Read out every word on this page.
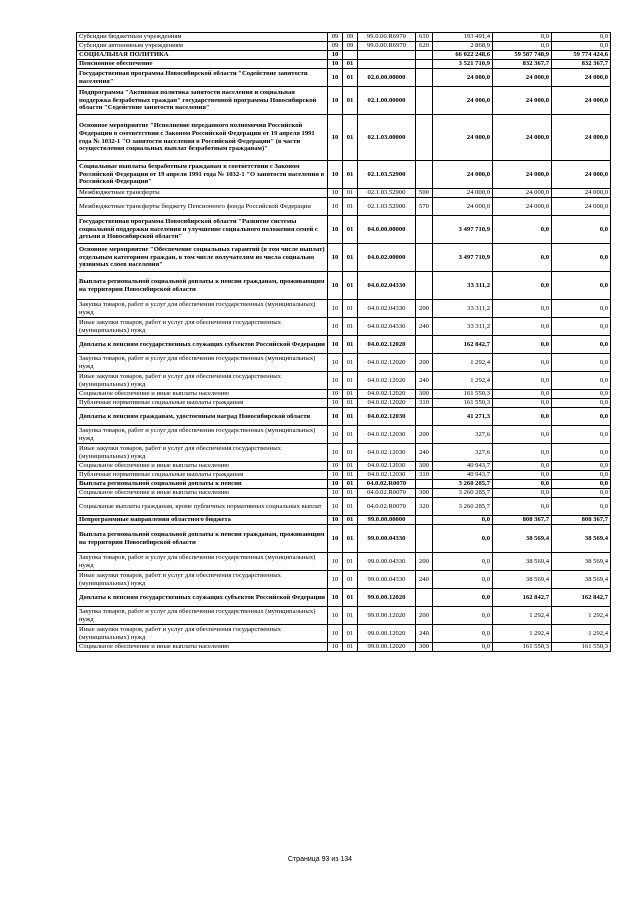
Субсидии бюджетным учреждениям	09	09	99.0.00.R6970	610	193 491,4	0,0	0,0
Субсидии автономным учреждениям	09	09	99.0.00.R6970	620	2 868,9	0,0	0,0
СОЦИАЛЬНАЯ ПОЛИТИКА	10				66 022 248,6	59 587 748,9	59 774 424,6
Пенсионное обеспечение	10	01			3 521 710,9	832 367,7	832 367,7
Государственная программа Новосибирской области "Содействие занятости населения"	10	01	02.0.00.00000		24 000,0	24 000,0	24 000,0
Подпрограмма "Активная политика занятости населения и социальная поддержка безработных граждан" государственной программы Новосибирской области "Содействие занятости населения"	10	01	02.1.00.00000		24 000,0	24 000,0	24 000,0
Основное мероприятие "Исполнение переданного полномочия Российской Федерации в соответствии с Законом Российской Федерации от 19 апреля 1991 года № 1032-1 "О занятости населения в Российской Федерации" (в части осуществления социальных выплат безработным гражданам)"	10	01	02.1.03.00000		24 000,0	24 000,0	24 000,0
Социальные выплаты безработным гражданам в соответствии с Законом Российской Федерации от 19 апреля 1991 года № 1032-1 "О занятости населения в Российской Федерации"	10	01	02.1.03.52900		24 000,0	24 000,0	24 000,0
Межбюджетные трансферты	10	01	02.1.03.52900	500	24 000,0	24 000,0	24 000,0
Межбюджетные трансферты бюджету Пенсионного фонда Российской Федерации	10	01	02.1.03.52900	570	24 000,0	24 000,0	24 000,0
Государственная программа Новосибирской области "Развитие системы социальной поддержки населения и улучшение социального положения семей с детьми в Новосибирской области"	10	01	04.0.00.00000		3 497 710,9	0,0	0,0
Основное мероприятие "Обеспечение социальных гарантий (в том числе выплат) отдельным категориям граждан, в том числе получателям из числа социально уязвимых слоев населения"	10	01	04.0.02.00000		3 497 710,9	0,0	0,0
Выплата региональной социальной доплаты к пенсии гражданам, проживающим на территории Новосибирской области	10	01	04.0.02.04330		33 311,2	0,0	0,0
Закупка товаров, работ и услуг для обеспечения государственных (муниципальных) нужд	10	01	04.0.02.04330	200	33 311,2	0,0	0,0
Иные закупки товаров, работ и услуг для обеспечения государственных (муниципальных) нужд	10	01	04.0.02.04330	240	33 311,2	0,0	0,0
Доплаты к пенсиям государственных служащих субъектов Российской Федерации	10	01	04.0.02.12020		162 842,7	0,0	0,0
Закупка товаров, работ и услуг для обеспечения государственных (муниципальных) нужд	10	01	04.0.02.12020	200	1 292,4	0,0	0,0
Иные закупки товаров, работ и услуг для обеспечения государственных (муниципальных) нужд	10	01	04.0.02.12020	240	1 292,4	0,0	0,0
Социальное обеспечение и иные выплаты населению	10	01	04.0.02.12020	300	161 550,3	0,0	0,0
Публичные нормативные социальные выплаты гражданам	10	01	04.0.02.12020	310	161 550,3	0,0	0,0
Доплаты к пенсиям гражданам, удостоенным наград Новосибирской области	10	01	04.0.02.12030		41 271,3	0,0	0,0
Закупка товаров, работ и услуг для обеспечения государственных (муниципальных) нужд	10	01	04.0.02.12030	200	327,6	0,0	0,0
Иные закупки товаров, работ и услуг для обеспечения государственных (муниципальных) нужд	10	01	04.0.02.12030	240	327,6	0,0	0,0
Социальное обеспечение и иные выплаты населению	10	01	04.0.02.12030	300	40 943,7	0,0	0,0
Публичные нормативные социальные выплаты гражданам	10	01	04.0.02.12030	310	40 943,7	0,0	0,0
Выплата региональной социальной доплаты к пенсии	10	01	04.0.02.R0070		3 260 285,7	0,0	0,0
Социальное обеспечение и иные выплаты населению	10	01	04.0.02.R0070	300	3 260 285,7	0,0	0,0
Социальные выплаты гражданам, кроме публичных нормативных социальных выплат	10	01	04.0.02.R0070	320	3 260 285,7	0,0	0,0
Непрограммные направления областного бюджета	10	01	99.0.00.00000		0,0	808 367,7	808 367,7
Выплата региональной социальной доплаты к пенсии гражданам, проживающим на территории Новосибирской области	10	01	99.0.00.04330		0,0	38 569,4	38 569,4
Закупка товаров, работ и услуг для обеспечения государственных (муниципальных) нужд	10	01	99.0.00.04330	200	0,0	38 569,4	38 569,4
Иные закупки товаров, работ и услуг для обеспечения государственных (муниципальных) нужд	10	01	99.0.00.04330	240	0,0	38 569,4	38 569,4
Доплаты к пенсиям государственных служащих субъектов Российской Федерации	10	01	99.0.00.12020		0,0	162 842,7	162 842,7
Закупка товаров, работ и услуг для обеспечения государственных (муниципальных) нужд	10	01	99.0.00.12020	200	0,0	1 292,4	1 292,4
Иные закупки товаров, работ и услуг для обеспечения государственных (муниципальных) нужд	10	01	99.0.00.12020	240	0,0	1 292,4	1 292,4
Социальное обеспечение и иные выплаты населению	10	01	99.0.00.12020	300	0,0	161 550,3	161 550,3
Страница 93 из 134
